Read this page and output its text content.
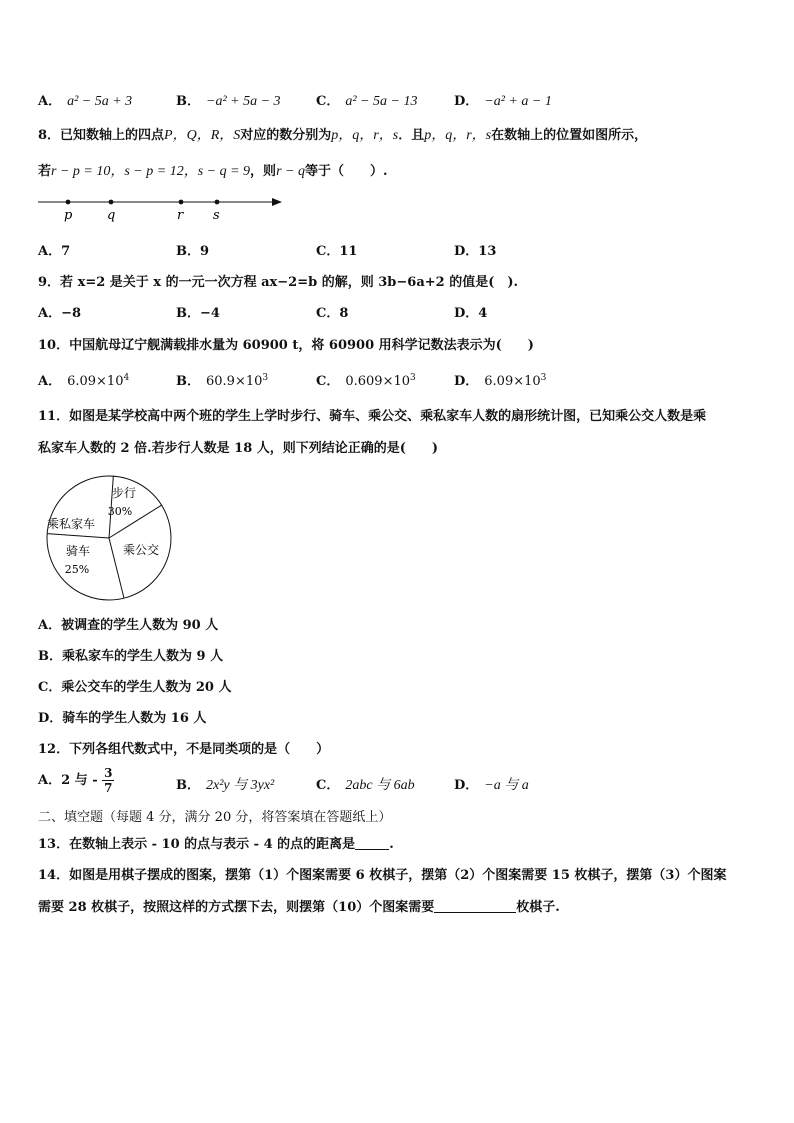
A． a² − 5a + 3	B． −a² + 5a − 3	C． a² − 5a − 13	D． −a² + a − 1
8．已知数轴上的四点P，Q，R，S对应的数分别为p，q，r，s．且p，q，r，s在数轴上的位置如图所示，
若r − p = 10，s − p = 12，s − q = 9，则r − q等于（　　）.
p	q	r s
A．7	B．9	C．11	D．13
9．若 x=2 是关于 x 的一元一次方程 ax−2=b 的解，则 3b−6a+2 的值是(　).
A．−8	B．−4	C．8	D．4
10．中国航母辽宁舰满载排水量为 60900 t，将 60900 用科学记数法表示为(　　)
A． $6.09\times 10^4$	B． $60.9\times 10^3$	C． $0.609\times 10^3$	D． $6.09\times 10^3$
11．如图是某学校高中两个班的学生上学时步行、骑车、乘公交、乘私家车人数的扇形统计图，已知乘公交人数是乘
私家车人数的 2 倍.若步行人数是 18 人，则下列结论正确的是(　　)
步行
30%
乘公交
骑车
25%
乘私家车
A．被调查的学生人数为 90 人
B．乘私家车的学生人数为 9 人
C．乘公交车的学生人数为 20 人
D．骑车的学生人数为 16 人
12．下列各组代数式中，不是同类项的是（　　）
A．2 与 - $\frac{3}{7}$	B． 2x²y 与 3yx²	C． 2abc 与 6ab	D． −a 与 a
二、填空题（每题 4 分，满分 20 分，将答案填在答题纸上）
13．在数轴上表示 - 10 的点与表示 - 4 的点的距离是	.
14．如图是用棋子摆成的图案，摆第（1）个图案需要 6 枚棋子，摆第（2）个图案需要 15 枚棋子，摆第（3）个图案
需要 28 枚棋子，按照这样的方式摆下去，则摆第（10）个图案需要	枚棋子.
